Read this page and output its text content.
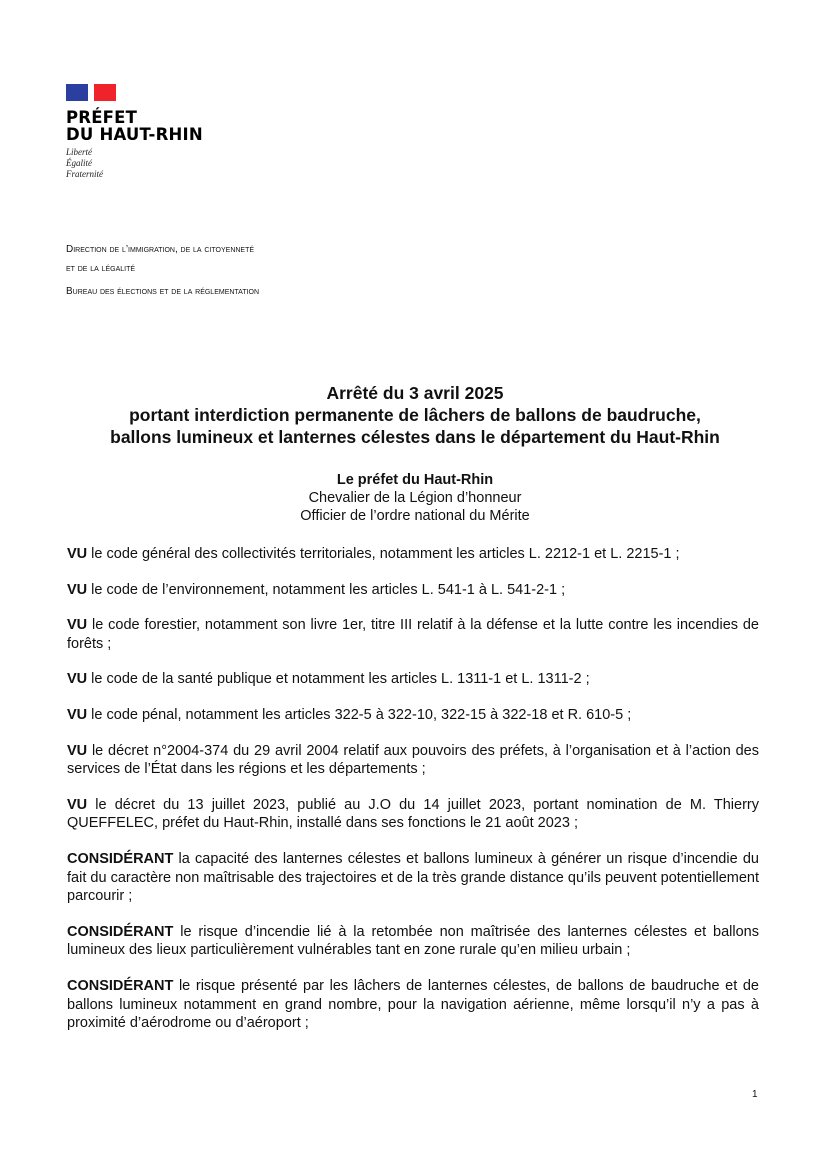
PRÉFET
DU HAUT-RHIN
Liberté
Égalité
Fraternité
Direction de l’immigration, de la citoyenneté
et de la légalité
Bureau des élections et de la réglementation
Arrêté du 3 avril 2025
portant interdiction permanente de lâchers de ballons de baudruche,
ballons lumineux et lanternes célestes dans le département du Haut-Rhin
Le préfet du Haut-Rhin
Chevalier de la Légion d’honneur
Officier de l’ordre national du Mérite

VU le code général des collectivités territoriales, notamment les articles L. 2212-1 et L. 2215-1 ;

VU le code de l’environnement, notamment les articles L. 541-1 à L. 541-2-1 ;

VU le code forestier, notamment son livre 1er, titre III relatif à la défense et la lutte contre les incendies de forêts ;

VU le code de la santé publique et notamment les articles L. 1311-1 et L. 1311-2 ;

VU le code pénal, notamment les articles 322-5 à 322-10, 322-15 à 322-18 et R. 610-5 ;

VU le décret n°2004-374 du 29 avril 2004 relatif aux pouvoirs des préfets, à l’organisation et à l’action des services de l’État dans les régions et les départements ;

VU le décret du 13 juillet 2023, publié au J.O du 14 juillet 2023, portant nomination de M. Thierry QUEFFELEC, préfet du Haut-Rhin, installé dans ses fonctions le 21 août 2023 ;

CONSIDÉRANT la capacité des lanternes célestes et ballons lumineux à générer un risque d’incendie du fait du caractère non maîtrisable des trajectoires et de la très grande distance qu’ils peuvent potentiellement parcourir ;

CONSIDÉRANT le risque d’incendie lié à la retombée non maîtrisée des lanternes célestes et ballons lumineux des lieux particulièrement vulnérables tant en zone rurale qu’en milieu urbain ;

CONSIDÉRANT le risque présenté par les lâchers de lanternes célestes, de ballons de baudruche et de ballons lumineux notamment en grand nombre, pour la navigation aérienne, même lorsqu’il n’y a pas à proximité d’aérodrome ou d’aéroport ;

1
